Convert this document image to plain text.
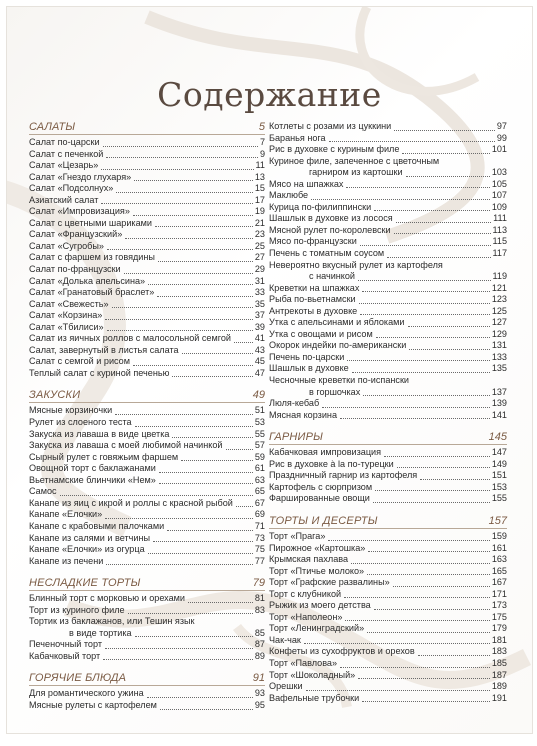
Содержание
САЛАТЫ	5
Салат по-царски	7
Салат с печенкой	9
Салат «Цезарь»	11
Салат «Гнездо глухаря»	13
Салат «Подсолнух»	15
Азиатский салат	17
Салат «Импровизация»	19
Салат с цветными шариками	21
Салат «Французский»	23
Салат «Сугробы»	25
Салат с фаршем из говядины	27
Салат по-французски	29
Салат «Долька апельсина»	31
Салат «Гранатовый браслет»	33
Салат «Свежесть»	35
Салат «Корзина»	37
Салат «Тбилиси»	39
Салат из яичных роллов с малосольной семгой	41
Салат, завернутый в листья салата	43
Салат с семгой и рисом	45
Теплый салат с куриной печенью	47
ЗАКУСКИ	49
Мясные корзиночки	51
Рулет из слоеного теста	53
Закуска из лаваша в виде цветка	55
Закуска из лаваша с моей любимой начинкой	57
Сырный рулет с говяжьим фаршем	59
Овощной торт с баклажанами	61
Вьетнамские блинчики «Нем»	63
Самос	65
Канапе из яиц с икрой и роллы с красной рыбой 67
Канапе «Елочки»	69
Канапе с крабовыми палочками	71
Канапе из салями и ветчины	73
Канапе «Елочки» из огурца	75
Канапе из печени	77
НЕСЛАДКИЕ ТОРТЫ	79
Блинный торт с морковью и орехами	81
Торт из куриного филе	83
Тортик из баклажанов, или Тешин язык
в виде тортика	85
Печеночный торт	87
Кабачковый торт	89
ГОРЯЧИЕ БЛЮДА	91
Для романтического ужина	93
Мясные рулеты с картофелем	95
Котлеты с розами из цуккини	97
Баранья нога	99
Рис в духовке с куриным филе	101
Куриное филе, запеченное с цветочным
гарниром из картошки	103
Мясо на шпажках	105
Маклюбе	107
Курица по-филиппински	109
Шашлык в духовке из лосося	111
Мясной рулет по-королевски	113
Мясо по-французски	115
Печень с томатным соусом	117
Невероятно вкусный рулет из картофеля
с начинкой	119
Креветки на шпажках	121
Рыба по-вьетнамски	123
Антрекоты в духовке	125
Утка с апельсинами и яблоками	127
Утка с овощами и рисом	129
Окорок индейки по-американски	131
Печень по-царски	133
Шашлык в духовке	135
Чесночные креветки по-испански
в горшочках	137
Люля-кебаб	139
Мясная корзина	141
ГАРНИРЫ	145
Кабачковая импровизация	147
Рис в духовке à la по-турецки	149
Праздничный гарнир из картофеля	151
Картофель с сюрпризом	153
Фаршированные овощи	155
ТОРТЫ И ДЕСЕРТЫ	157
Торт «Прага»	159
Пирожное «Картошка»	161
Крымская пахлава	163
Торт «Птичье молоко»	165
Торт «Графские развалины»	167
Торт с клубникой	171
Рыжик из моего детства	173
Торт «Наполеон»	175
Торт «Ленинградский»	179
Чак-чак	181
Конфеты из сухофруктов и орехов	183
Торт «Павлова»	185
Торт «Шоколадный»	187
Орешки	189
Вафельные трубочки	191
